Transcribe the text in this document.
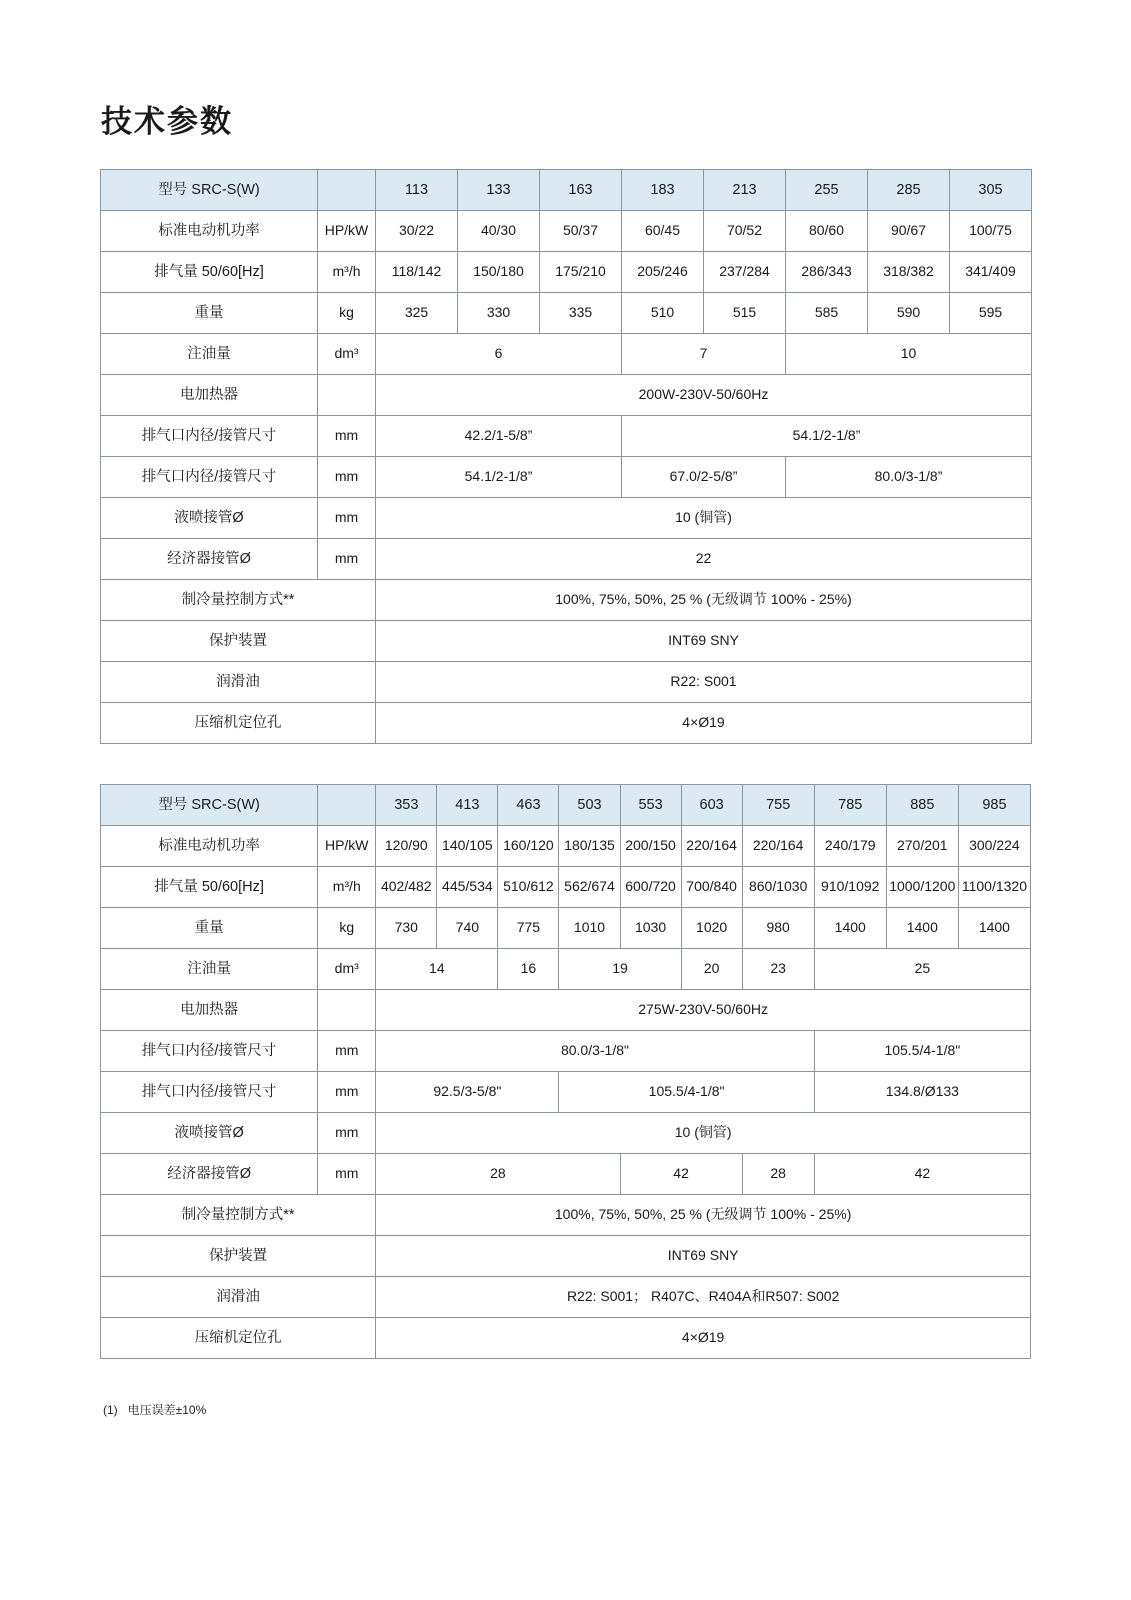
技术参数
型号 SRC-S(W)		113	133	163	183	213	255	285	305
标准电动机功率	HP/kW	30/22	40/30	50/37	60/45	70/52	80/60	90/67	100/75
排气量 50/60[Hz]	m³/h	118/142	150/180	175/210	205/246	237/284	286/343	318/382	341/409
重量	kg	325	330	335	510	515	585	590	595
注油量	dm³	6			7		10		
电加热器		200W-230V-50/60Hz							
排气口内径/接管尺寸	mm	42.2/1-5/8”			54.1/2-1/8”				
排气口内径/接管尺寸	mm	54.1/2-1/8”			67.0/2-5/8”		80.0/3-1/8”		
液喷接管Ø	mm	10 (铜管)							
经济器接管Ø	mm	22							
制冷量控制方式**		100%, 75%, 50%, 25 % (无级调节 100% - 25%)							
保护装置		INT69 SNY							
润滑油		R22: S001							
压缩机定位孔		4×Ø19							
型号 SRC-S(W)		353	413	463	503	553	603	755	785	885	985
标准电动机功率	HP/kW	120/90	140/105	160/120	180/135	200/150	220/164	220/164	240/179	270/201	300/224
排气量 50/60[Hz]	m³/h	402/482	445/534	510/612	562/674	600/720	700/840	860/1030	910/1092	1000/1200	1100/1320
重量	kg	730	740	775	1010	1030	1020	980	1400	1400	1400
注油量	dm³	14		16	19		20	23	25		
电加热器		275W-230V-50/60Hz									
排气口内径/接管尺寸	mm	80.0/3-1/8"							105.5/4-1/8"		
排气口内径/接管尺寸	mm	92.5/3-5/8"			105.5/4-1/8"				134.8/Ø133		
液喷接管Ø	mm	10 (铜管)									
经济器接管Ø	mm	28				42		28	42		
制冷量控制方式**		100%, 75%, 50%, 25 % (无级调节 100% - 25%)									
保护装置		INT69 SNY									
润滑油		R22: S001； R407C、R404A和R507: S002									
压缩机定位孔		4×Ø19									
(1)   电压误差±10%
